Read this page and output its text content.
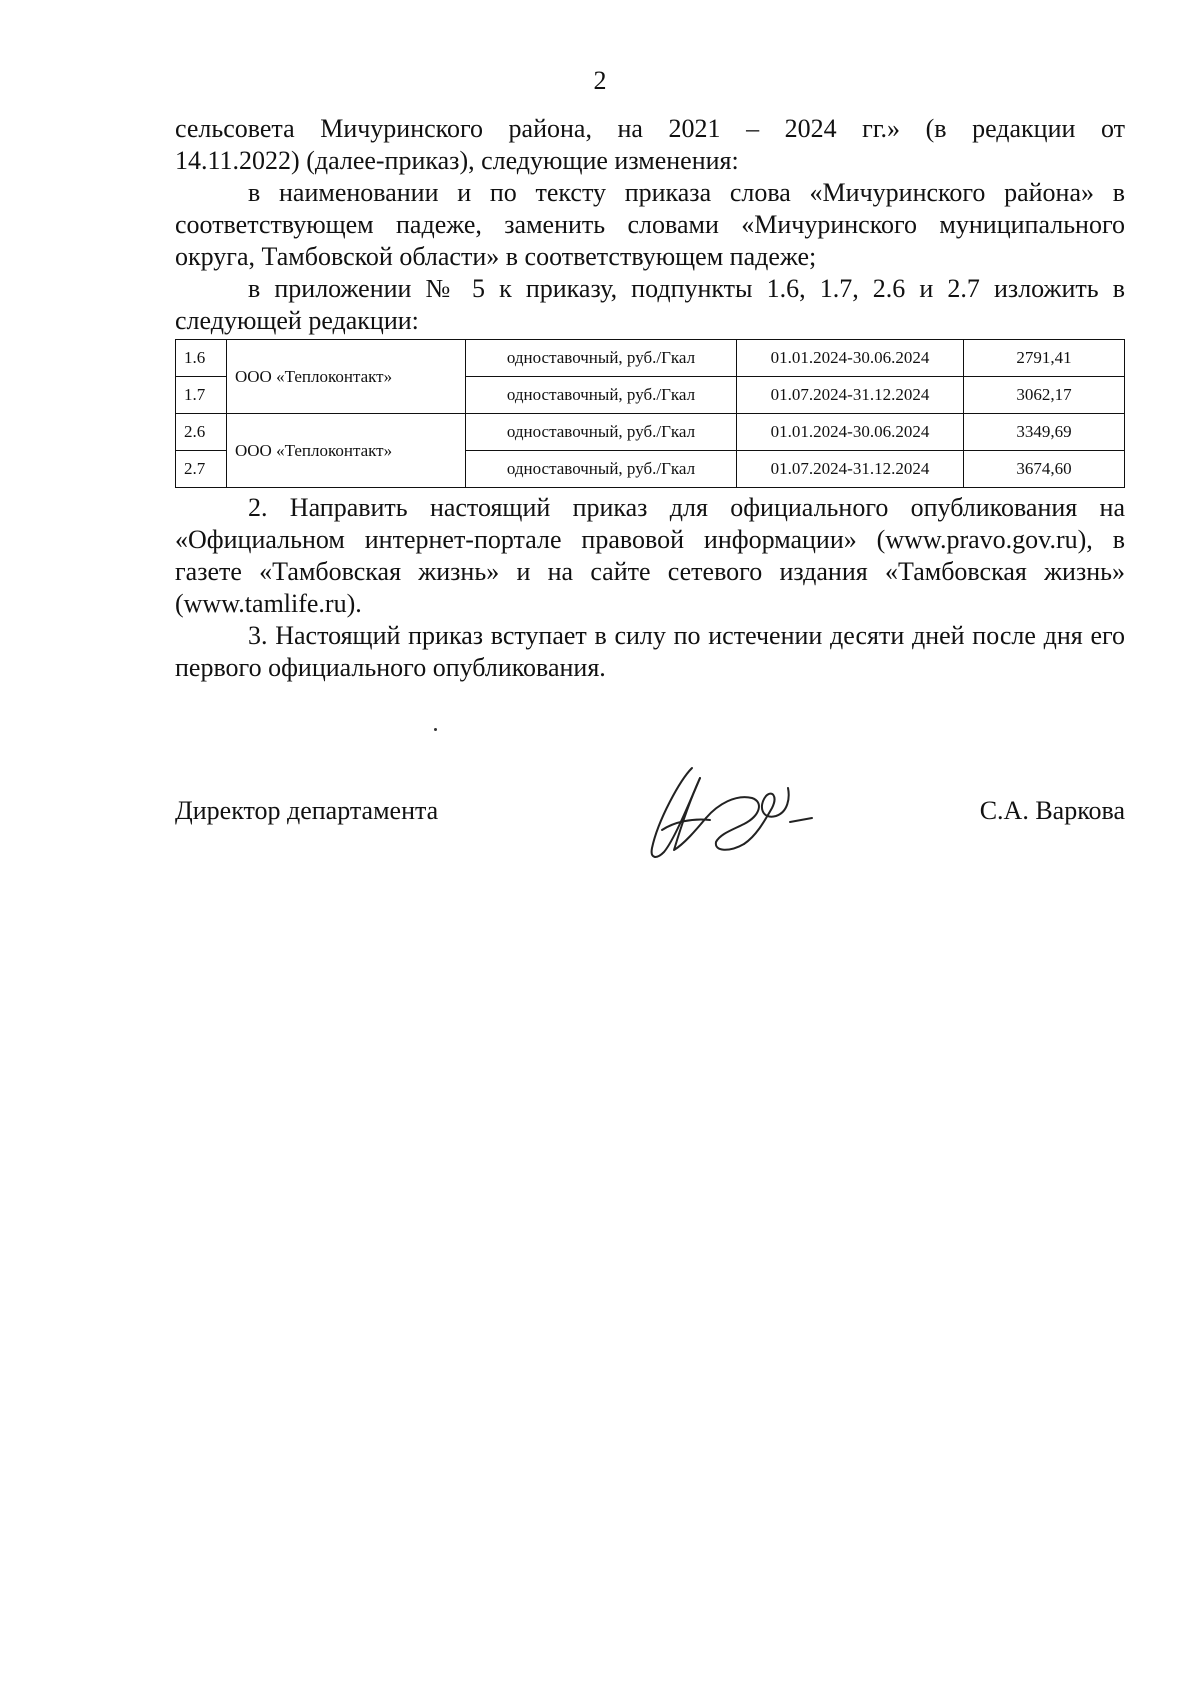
2

сельсовета Мичуринского района, на 2021 – 2024 гг.» (в редакции от

14.11.2022) (далее-приказ), следующие изменения:

в наименовании и по тексту приказа слова «Мичуринского района» в соответствующем падеже, заменить словами «Мичуринского муниципального округа, Тамбовской области» в соответствующем падеже;

в приложении № 5 к приказу, подпункты 1.6, 1.7, 2.6 и 2.7 изложить в следующей редакции:

1.6	ООО «Теплоконтакт»	одноставочный, руб./Гкал	01.01.2024-30.06.2024	2791,41
1.7		одноставочный, руб./Гкал	01.07.2024-31.12.2024	3062,17
2.6	ООО «Теплоконтакт»	одноставочный, руб./Гкал	01.01.2024-30.06.2024	3349,69
2.7		одноставочный, руб./Гкал	01.07.2024-31.12.2024	3674,60

2. Направить настоящий приказ для официального опубликования на «Официальном интернет-портале правовой информации» (www.pravo.gov.ru), в газете «Тамбовская жизнь» и на сайте сетевого издания «Тамбовская жизнь» (www.tamlife.ru).

3. Настоящий приказ вступает в силу по истечении десяти дней после дня его первого официального опубликования.

Директор департамента	С.А. Варкова
